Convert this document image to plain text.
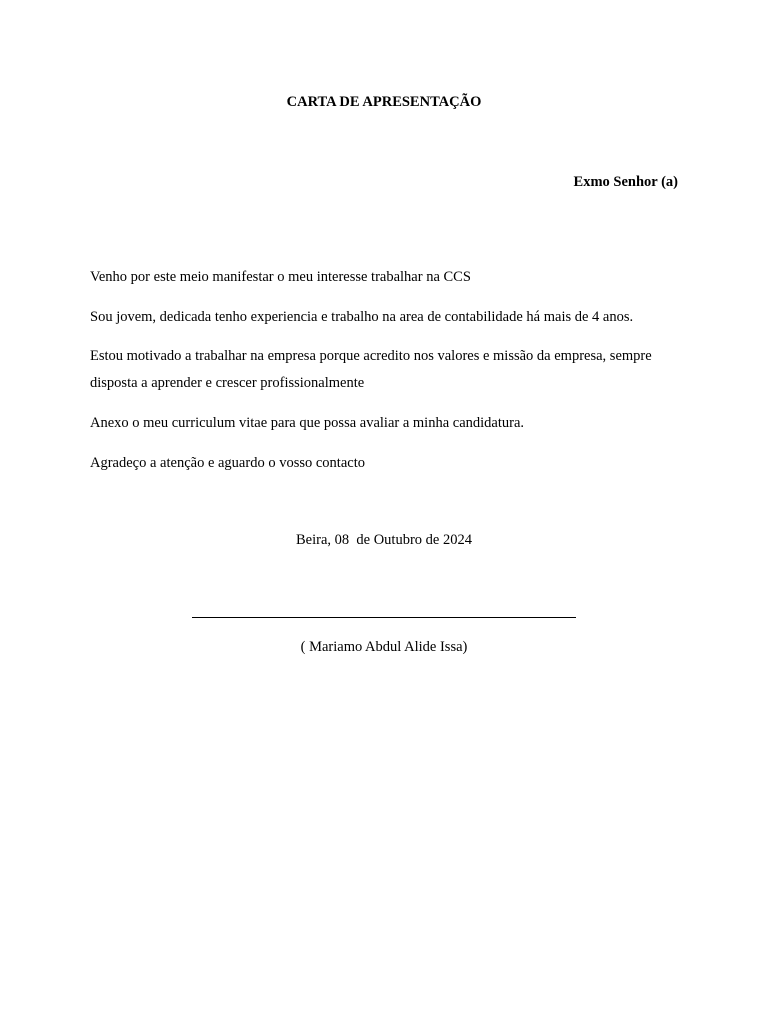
CARTA DE APRESENTAÇÃO
Exmo Senhor (a)
Venho por este meio manifestar o meu interesse trabalhar na CCS
Sou jovem, dedicada tenho experiencia e trabalho na area de contabilidade há mais de 4 anos.
Estou motivado a trabalhar na empresa porque acredito nos valores e missão da empresa, sempre disposta a aprender e crescer profissionalmente
Anexo o meu curriculum vitae para que possa avaliar a minha candidatura.
Agradeço a atenção e aguardo o vosso contacto
Beira, 08  de Outubro de 2024
( Mariamo Abdul Alide Issa)
